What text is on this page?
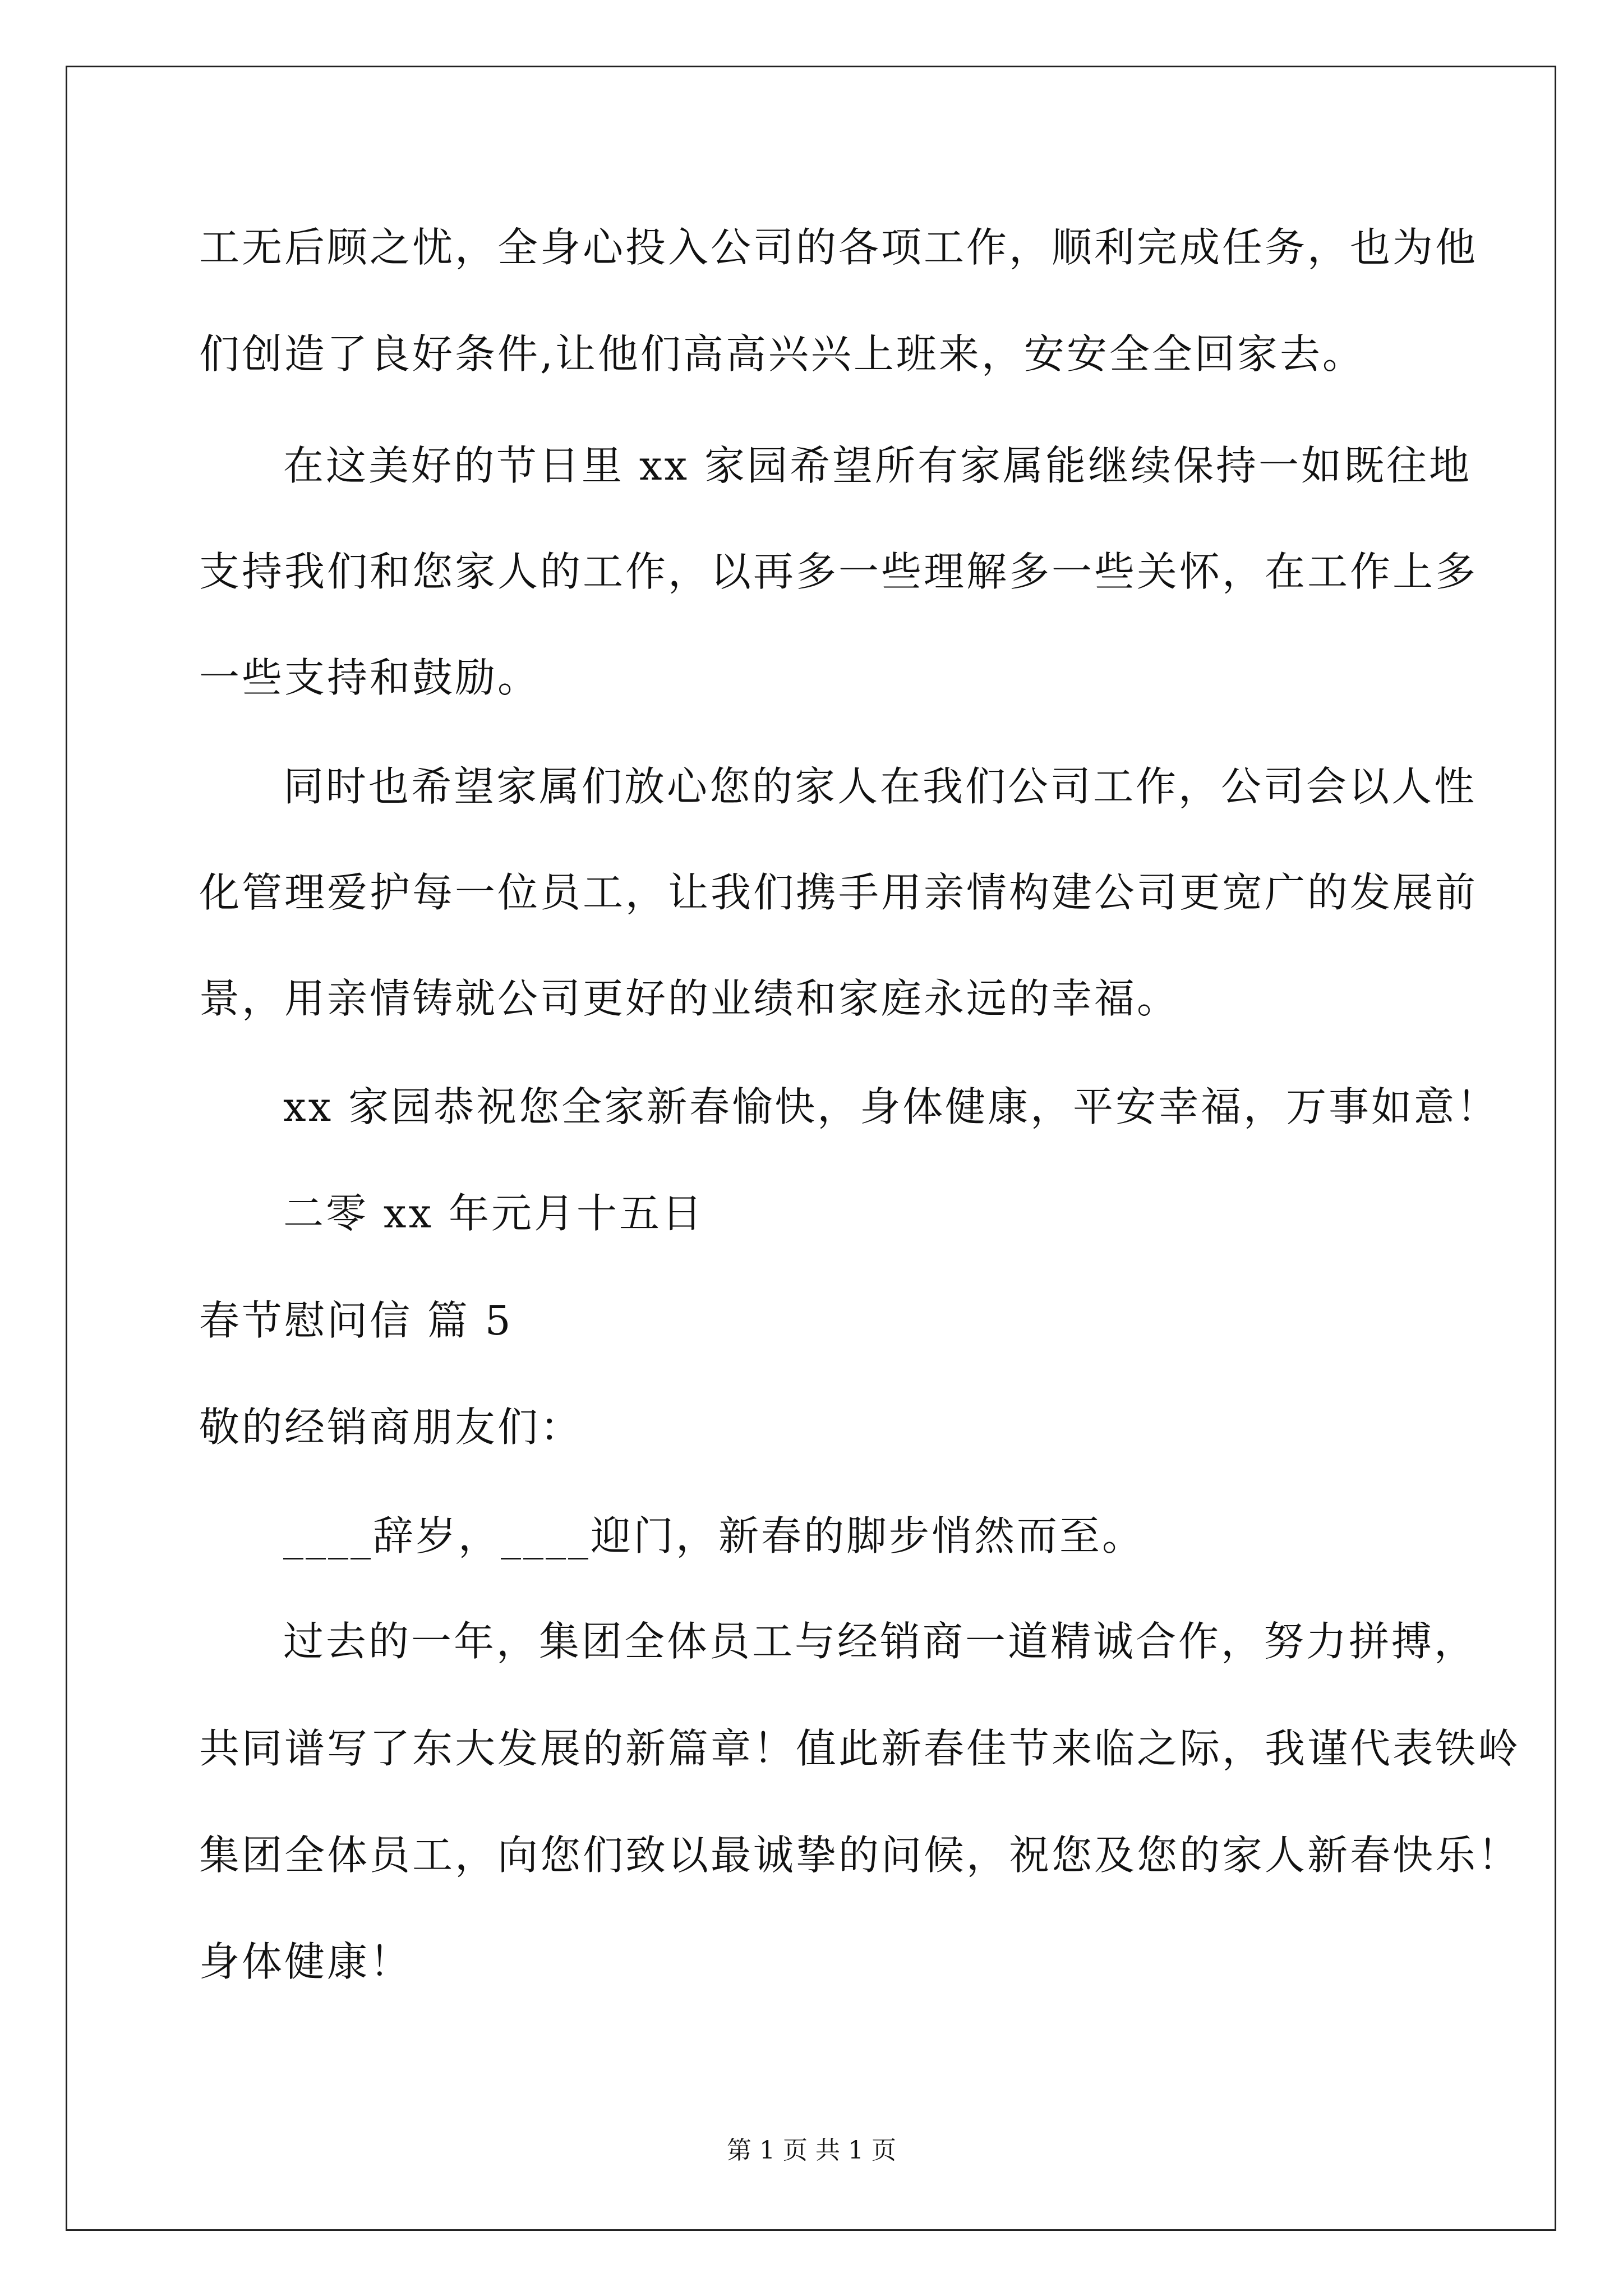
工无后顾之忧，全身心投入公司的各项工作，顺利完成任务，也为他
们创造了良好条件,让他们高高兴兴上班来，安安全全回家去。
在这美好的节日里 xx 家园希望所有家属能继续保持一如既往地
支持我们和您家人的工作，以再多一些理解多一些关怀，在工作上多
一些支持和鼓励。
同时也希望家属们放心您的家人在我们公司工作，公司会以人性
化管理爱护每一位员工，让我们携手用亲情构建公司更宽广的发展前
景，用亲情铸就公司更好的业绩和家庭永远的幸福。
xx 家园恭祝您全家新春愉快，身体健康，平安幸福，万事如意！
二零 xx 年元月十五日
春节慰问信 篇 5
敬的经销商朋友们：
____辞岁，____迎门，新春的脚步悄然而至。
过去的一年，集团全体员工与经销商一道精诚合作，努力拼搏，
共同谱写了东大发展的新篇章！值此新春佳节来临之际，我谨代表铁岭
集团全体员工，向您们致以最诚挚的问候，祝您及您的家人新春快乐！
身体健康！
第 1 页 共 1 页
